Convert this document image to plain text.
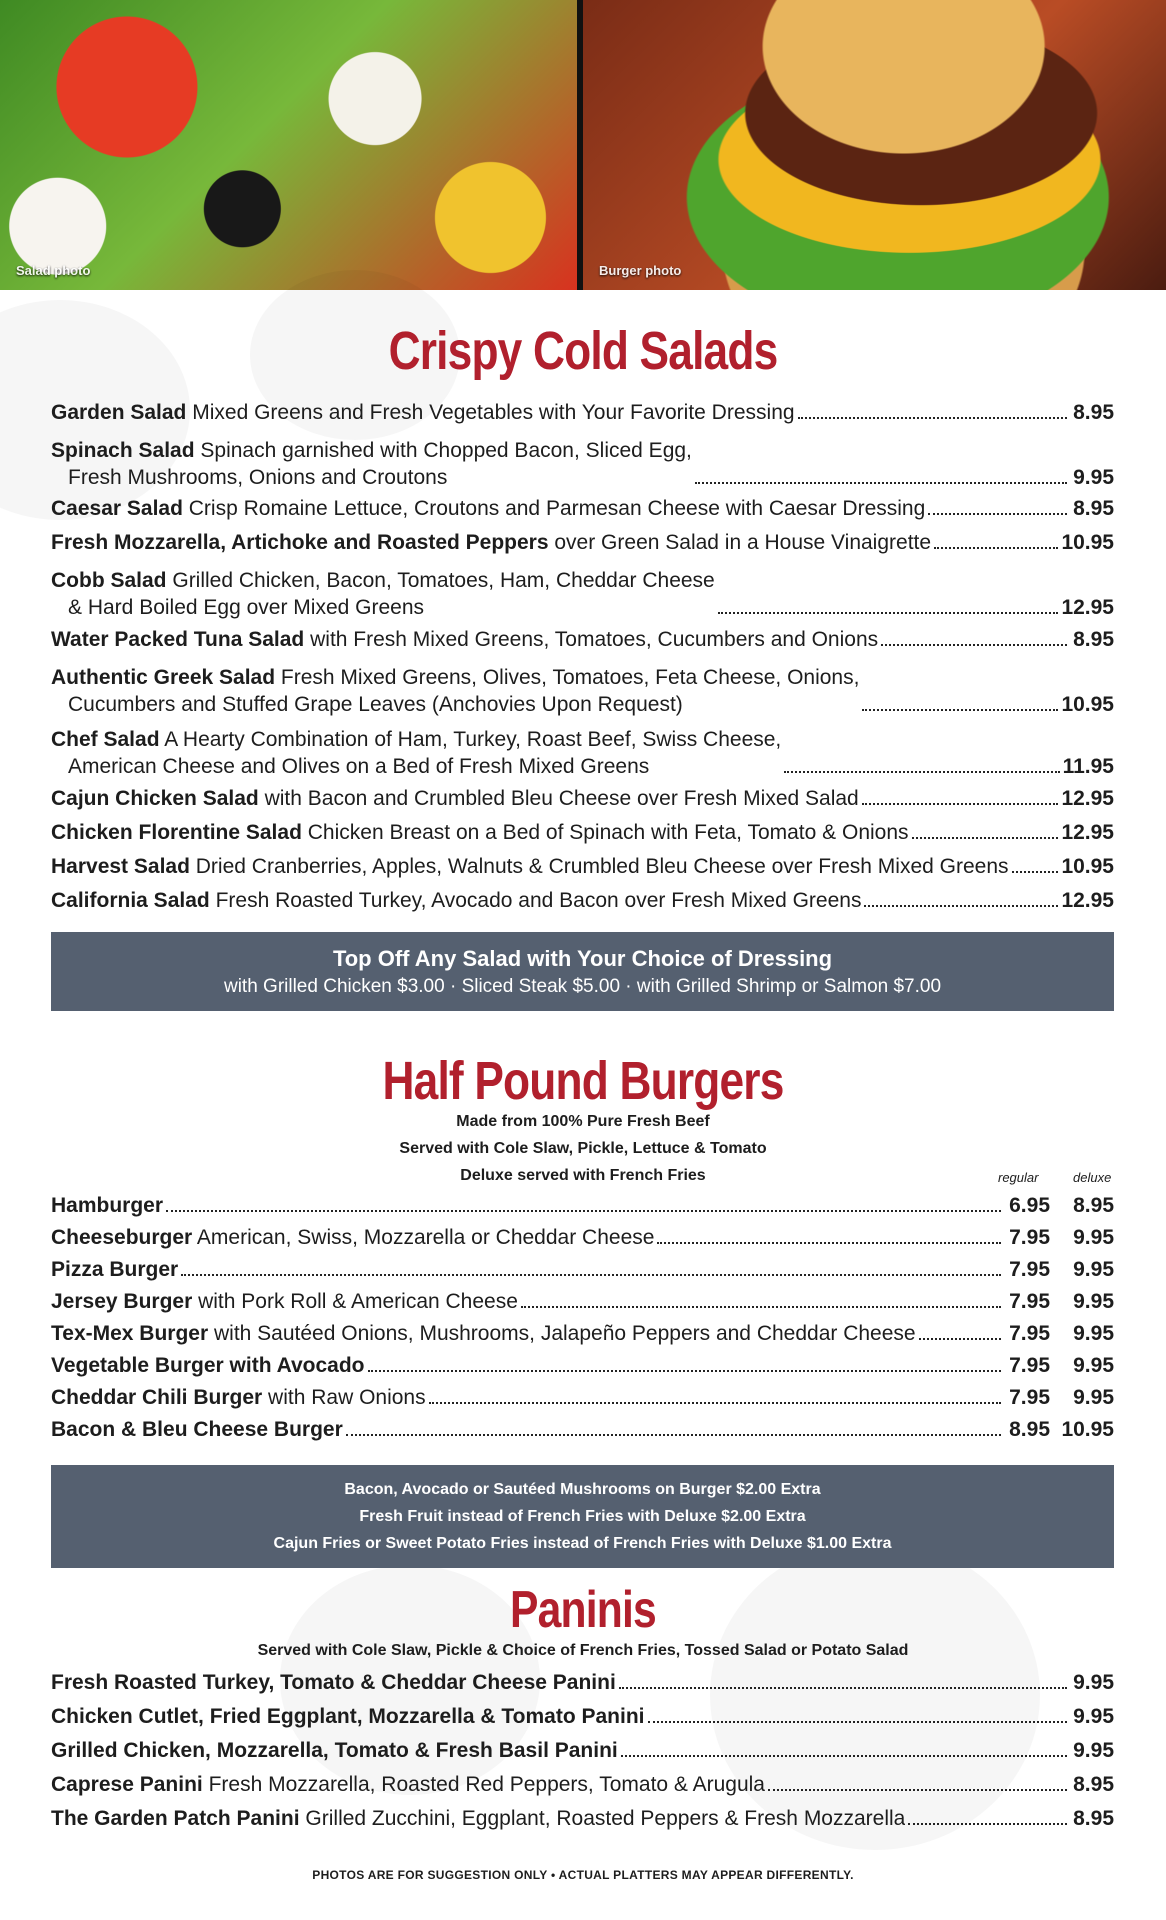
Salad photo	Burger photo
Crispy Cold Salads
Garden Salad Mixed Greens and Fresh Vegetables with Your Favorite Dressing	8.95
Spinach Salad Spinach garnished with Chopped Bacon, Sliced Egg,
Fresh Mushrooms, Onions and Croutons	9.95
Caesar Salad Crisp Romaine Lettuce, Croutons and Parmesan Cheese with Caesar Dressing	8.95
Fresh Mozzarella, Artichoke and Roasted Peppers over Green Salad in a House Vinaigrette	10.95
Cobb Salad Grilled Chicken, Bacon, Tomatoes, Ham, Cheddar Cheese
& Hard Boiled Egg over Mixed Greens	12.95
Water Packed Tuna Salad with Fresh Mixed Greens, Tomatoes, Cucumbers and Onions	8.95
Authentic Greek Salad Fresh Mixed Greens, Olives, Tomatoes, Feta Cheese, Onions,
Cucumbers and Stuffed Grape Leaves (Anchovies Upon Request)	10.95
Chef Salad A Hearty Combination of Ham, Turkey, Roast Beef, Swiss Cheese,
American Cheese and Olives on a Bed of Fresh Mixed Greens	11.95
Cajun Chicken Salad with Bacon and Crumbled Bleu Cheese over Fresh Mixed Salad	12.95
Chicken Florentine Salad Chicken Breast on a Bed of Spinach with Feta, Tomato & Onions	12.95
Harvest Salad Dried Cranberries, Apples, Walnuts & Crumbled Bleu Cheese over Fresh Mixed Greens	10.95
California Salad Fresh Roasted Turkey, Avocado and Bacon over Fresh Mixed Greens	12.95
Top Off Any Salad with Your Choice of Dressing
with Grilled Chicken $3.00 · Sliced Steak $5.00 · with Grilled Shrimp or Salmon $7.00
Half Pound Burgers
Made from 100% Pure Fresh Beef
Served with Cole Slaw, Pickle, Lettuce & Tomato
Deluxe served with French Fries	regular	deluxe
Hamburger	6.95	8.95
Cheeseburger American, Swiss, Mozzarella or Cheddar Cheese	7.95	9.95
Pizza Burger	7.95	9.95
Jersey Burger with Pork Roll & American Cheese	7.95	9.95
Tex-Mex Burger with Sautéed Onions, Mushrooms, Jalapeño Peppers and Cheddar Cheese	7.95	9.95
Vegetable Burger with Avocado	7.95	9.95
Cheddar Chili Burger with Raw Onions	7.95	9.95
Bacon & Bleu Cheese Burger	8.95 10.95
Bacon, Avocado or Sautéed Mushrooms on Burger $2.00 Extra
Fresh Fruit instead of French Fries with Deluxe $2.00 Extra
Cajun Fries or Sweet Potato Fries instead of French Fries with Deluxe $1.00 Extra
Paninis
Served with Cole Slaw, Pickle & Choice of French Fries, Tossed Salad or Potato Salad
Fresh Roasted Turkey, Tomato & Cheddar Cheese Panini	9.95
Chicken Cutlet, Fried Eggplant, Mozzarella & Tomato Panini	9.95
Grilled Chicken, Mozzarella, Tomato & Fresh Basil Panini	9.95
Caprese Panini Fresh Mozzarella, Roasted Red Peppers, Tomato & Arugula	8.95
The Garden Patch Panini Grilled Zucchini, Eggplant, Roasted Peppers & Fresh Mozzarella	8.95
PHOTOS ARE FOR SUGGESTION ONLY • ACTUAL PLATTERS MAY APPEAR DIFFERENTLY.
